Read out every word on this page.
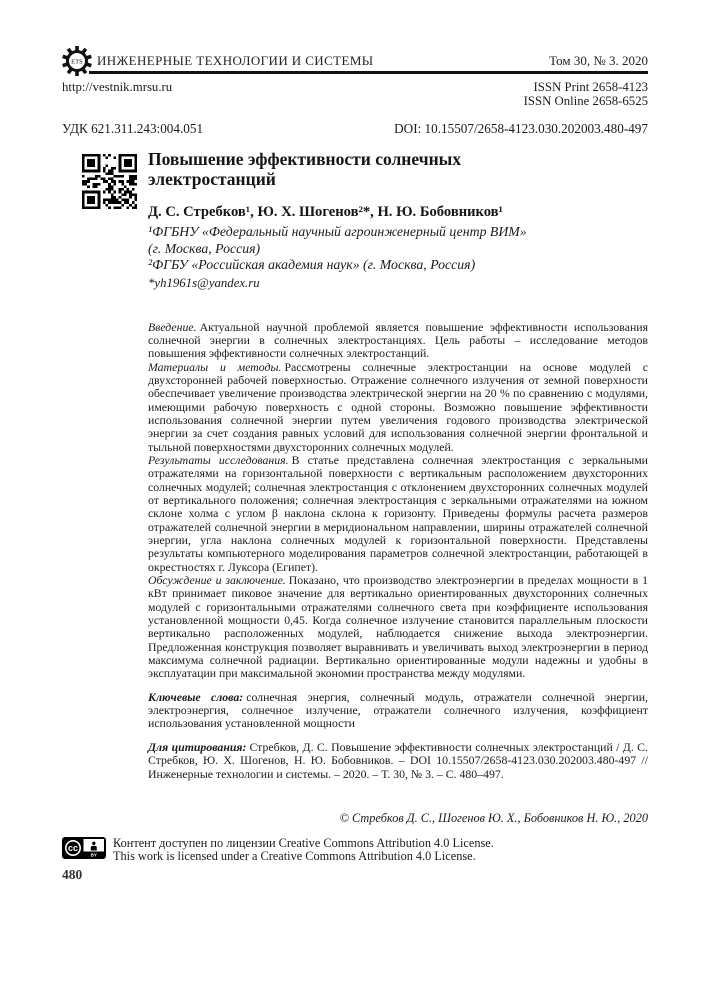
ETS ИНЖЕНЕРНЫЕ ТЕХНОЛОГИИ И СИСТЕМЫ	Том 30, № 3. 2020
http://vestnik.mrsu.ru	ISSN Print 2658-4123
ISSN Online 2658-6525
УДК 621.311.243:004.051	DOI: 10.15507/2658-4123.030.202003.480-497
Повышение эффективности солнечных электростанций
Д. С. Стребков¹, Ю. Х. Шогенов²*, Н. Ю. Бобовников¹
¹ФГБНУ «Федеральный научный агроинженерный центр ВИМ»
(г. Москва, Россия)
²ФГБУ «Российская академия наук» (г. Москва, Россия)
*yh1961s@yandex.ru

Введение. Актуальной научной проблемой является повышение эффективности использования солнечной энергии в солнечных электростанциях. Цель работы – исследование методов повышения эффективности солнечных электростанций.

Материалы и методы. Рассмотрены солнечные электростанции на основе модулей с двухсторонней рабочей поверхностью. Отражение солнечного излучения от земной поверхности обеспечивает увеличение производства электрической энергии на 20 % по сравнению с модулями, имеющими рабочую поверхность с одной стороны. Возможно повышение эффективности использования солнечной энергии путем увеличения годового производства электрической энергии за счет создания равных условий для использования солнечной энергии фронтальной и тыльной поверхностями двухсторонних солнечных модулей.

Результаты исследования. В статье представлена солнечная электростанция с зеркальными отражателями на горизонтальной поверхности с вертикальным расположением двухсторонних солнечных модулей; солнечная электростанция с отклонением двухсторонних солнечных модулей от вертикального положения; солнечная электростанция с зеркальными отражателями на южном склоне холма с углом β наклона склона к горизонту. Приведены формулы расчета размеров отражателей солнечной энергии в меридиональном направлении, ширины отражателей солнечной энергии, угла наклона солнечных модулей к горизонтальной поверхности. Представлены результаты компьютерного моделирования параметров солнечной электростанции, работающей в окрестностях г. Луксора (Египет).

Обсуждение и заключение. Показано, что производство электроэнергии в пределах мощности в 1 кВт принимает пиковое значение для вертикально ориентированных двухсторонних солнечных модулей с горизонтальными отражателями солнечного света при коэффициенте использования установленной мощности 0,45. Когда солнечное излучение становится параллельным плоскости вертикально расположенных модулей, наблюдается снижение выхода электроэнергии. Предложенная конструкция позволяет выравнивать и увеличивать выход электроэнергии в период максимума солнечной радиации. Вертикально ориентированные модули надежны и удобны в эксплуатации при максимальной экономии пространства между модулями.

Ключевые слова: солнечная энергия, солнечный модуль, отражатели солнечной энергии, электроэнергия, солнечное излучение, отражатели солнечного излучения, коэффициент использования установленной мощности

Для цитирования: Стребков, Д. С. Повышение эффективности солнечных электростанций / Д. С. Стребков, Ю. Х. Шогенов, Н. Ю. Бобовников. – DOI 10.15507/2658-4123.030.202003.480-497 // Инженерные технологии и системы. – 2020. – Т. 30, № 3. – С. 480–497.

© Стребков Д. С., Шогенов Ю. Х., Бобовников Н. Ю., 2020
cc
BY
Контент доступен по лицензии Creative Commons Attribution 4.0 License.
This work is licensed under a Creative Commons Attribution 4.0 License.
480
